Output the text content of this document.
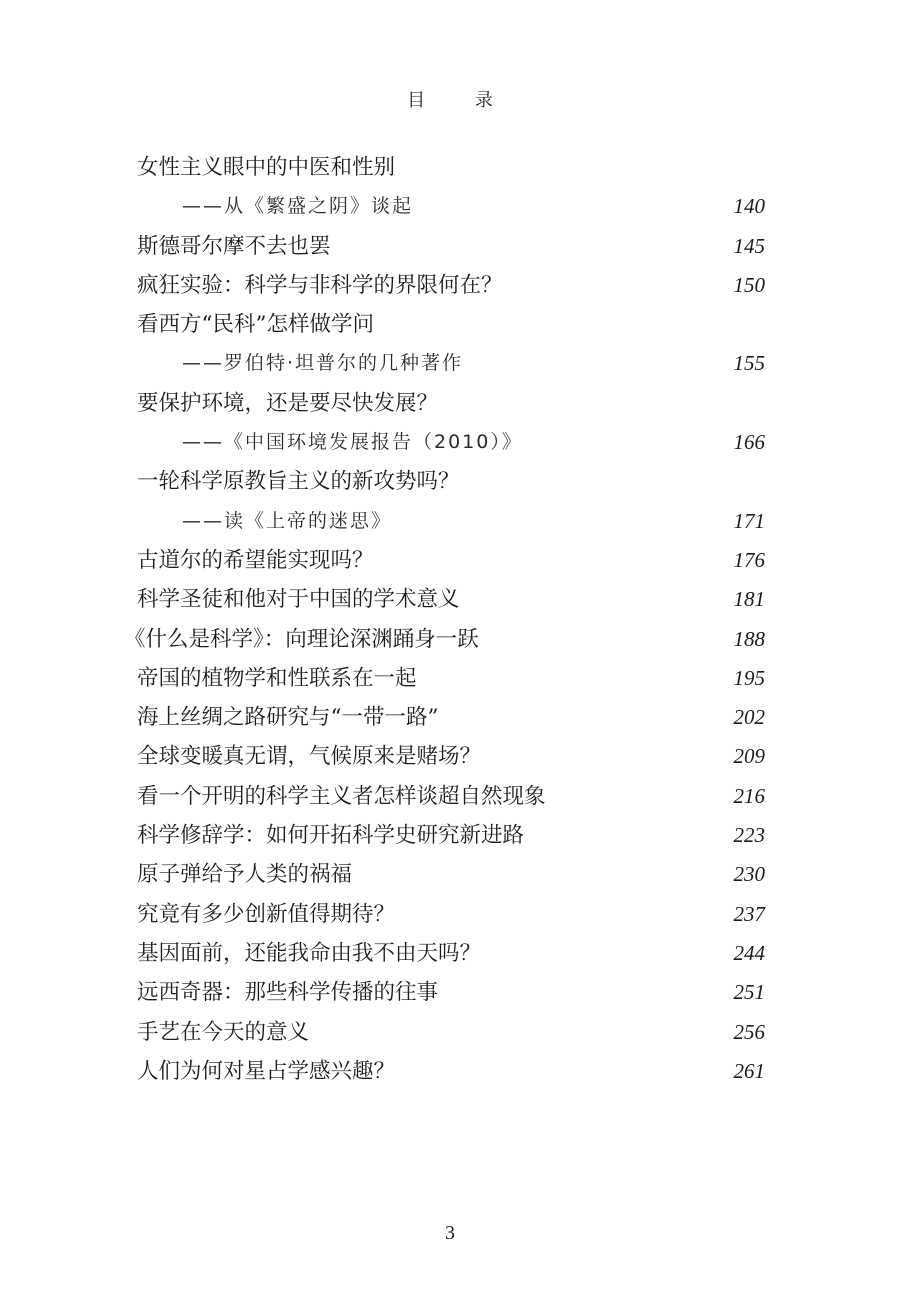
目 录
女性主义眼中的中医和性别
——从《繁盛之阴》谈起	140
斯德哥尔摩不去也罢	145
疯狂实验：科学与非科学的界限何在？	150
看西方“民科”怎样做学问
——罗伯特·坦普尔的几种著作	155
要保护环境，还是要尽快发展？
——《中国环境发展报告（2010）》	166
一轮科学原教旨主义的新攻势吗？
——读《上帝的迷思》	171
古道尔的希望能实现吗？	176
科学圣徒和他对于中国的学术意义	181
《什么是科学》：向理论深渊踊身一跃	188
帝国的植物学和性联系在一起	195
海上丝绸之路研究与“一带一路”	202
全球变暖真无谓，气候原来是赌场？	209
看一个开明的科学主义者怎样谈超自然现象	216
科学修辞学：如何开拓科学史研究新进路	223
原子弹给予人类的祸福	230
究竟有多少创新值得期待？	237
基因面前，还能我命由我不由天吗？	244
远西奇器：那些科学传播的往事	251
手艺在今天的意义	256
人们为何对星占学感兴趣？	261
3
